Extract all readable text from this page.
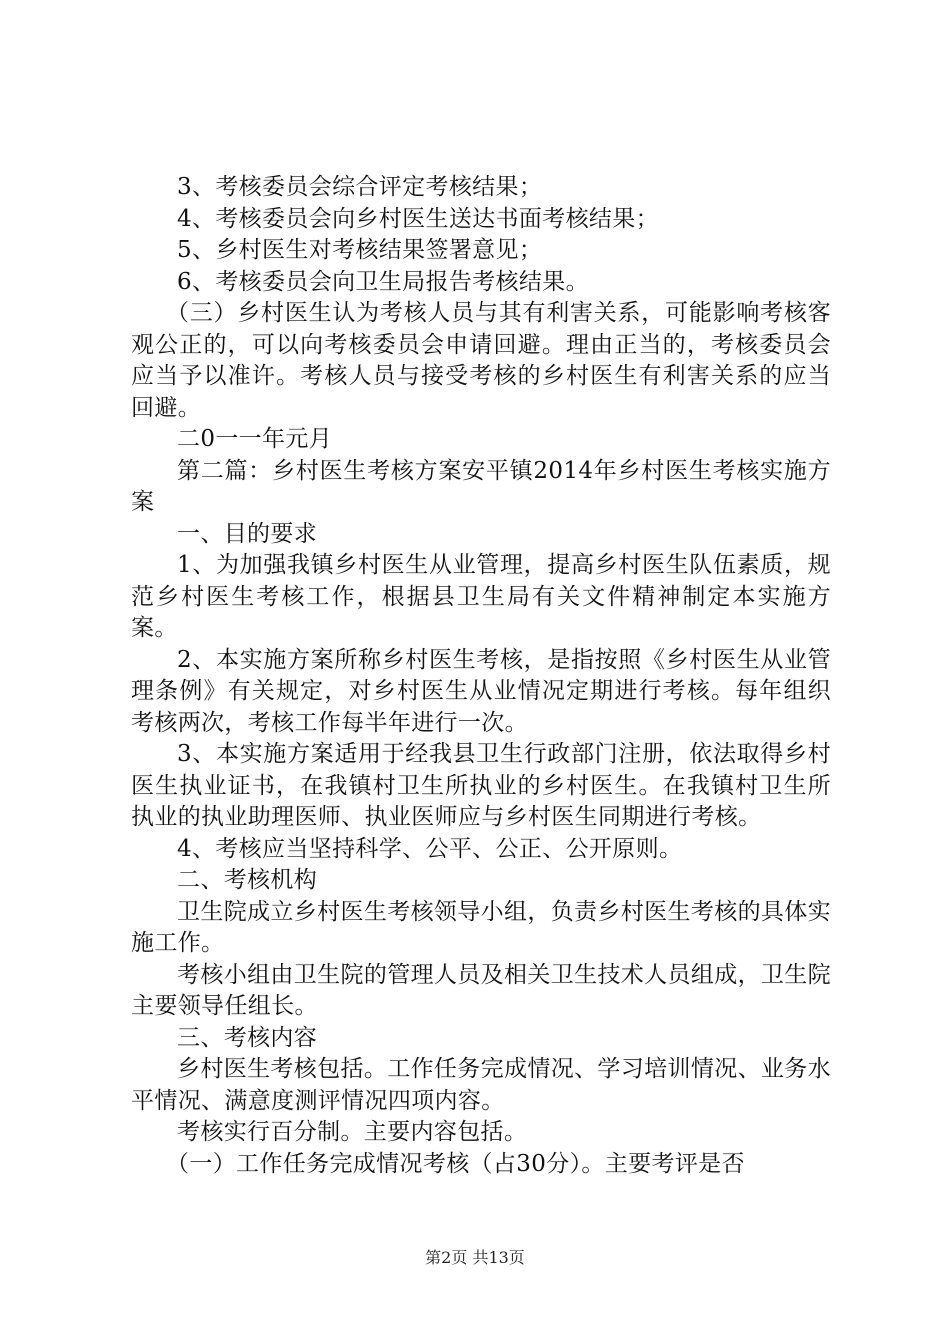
3、考核委员会综合评定考核结果；

4、考核委员会向乡村医生送达书面考核结果；

5、乡村医生对考核结果签署意见；

6、考核委员会向卫生局报告考核结果。

（三）乡村医生认为考核人员与其有利害关系，可能影响考核客观公正的，可以向考核委员会申请回避。理由正当的，考核委员会应当予以准许。考核人员与接受考核的乡村医生有利害关系的应当回避。

二0一一年元月

第二篇：乡村医生考核方案安平镇2014年乡村医生考核实施方案

一、目的要求

1、为加强我镇乡村医生从业管理，提高乡村医生队伍素质，规范乡村医生考核工作，根据县卫生局有关文件精神制定本实施方案。

2、本实施方案所称乡村医生考核，是指按照《乡村医生从业管理条例》有关规定，对乡村医生从业情况定期进行考核。每年组织考核两次，考核工作每半年进行一次。

3、本实施方案适用于经我县卫生行政部门注册，依法取得乡村医生执业证书，在我镇村卫生所执业的乡村医生。在我镇村卫生所执业的执业助理医师、执业医师应与乡村医生同期进行考核。

4、考核应当坚持科学、公平、公正、公开原则。

二、考核机构

卫生院成立乡村医生考核领导小组，负责乡村医生考核的具体实施工作。

考核小组由卫生院的管理人员及相关卫生技术人员组成，卫生院主要领导任组长。

三、考核内容

乡村医生考核包括。工作任务完成情况、学习培训情况、业务水平情况、满意度测评情况四项内容。

考核实行百分制。主要内容包括。

（一）工作任务完成情况考核（占30分）。主要考评是否

第2页 共13页
